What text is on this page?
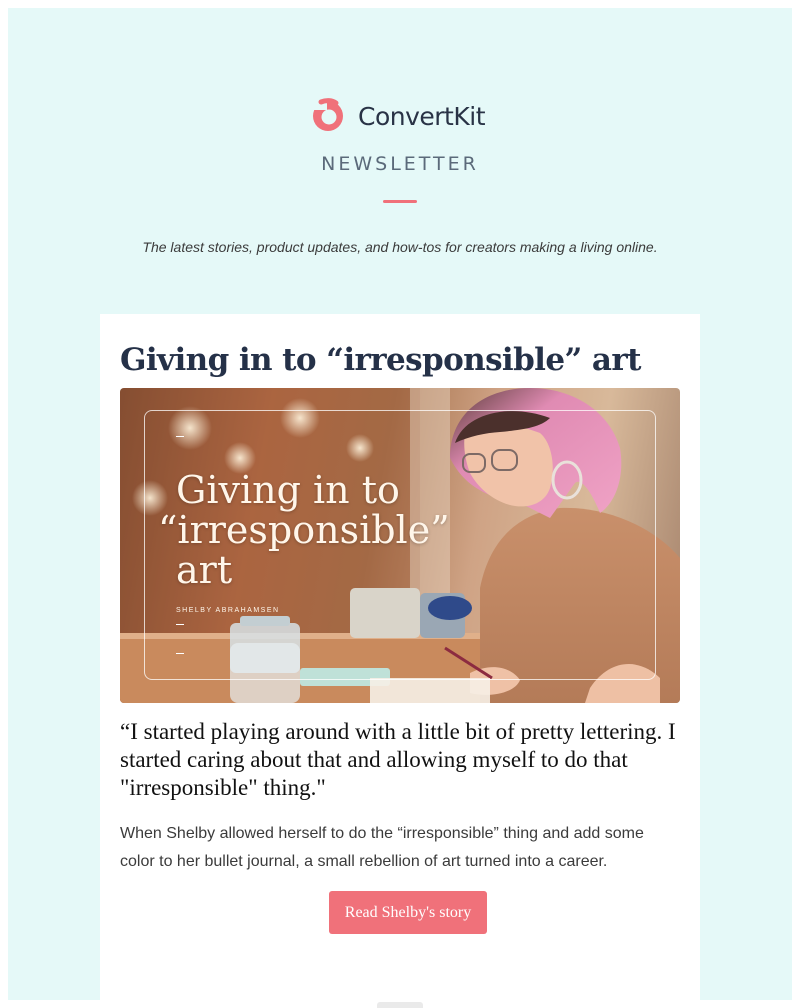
ConvertKit
NEWSLETTER
The latest stories, product updates, and how-tos for creators making a living online.
Giving in to “irresponsible” art
Giving in to
“irresponsible”
art
SHELBY ABRAHAMSEN

“I started playing around with a little bit of pretty lettering. I started caring about that and allowing myself to do that "irresponsible" thing."

When Shelby allowed herself to do the “irresponsible” thing and add some color to her bullet journal, a small rebellion of art turned into a career.

Read Shelby's story
